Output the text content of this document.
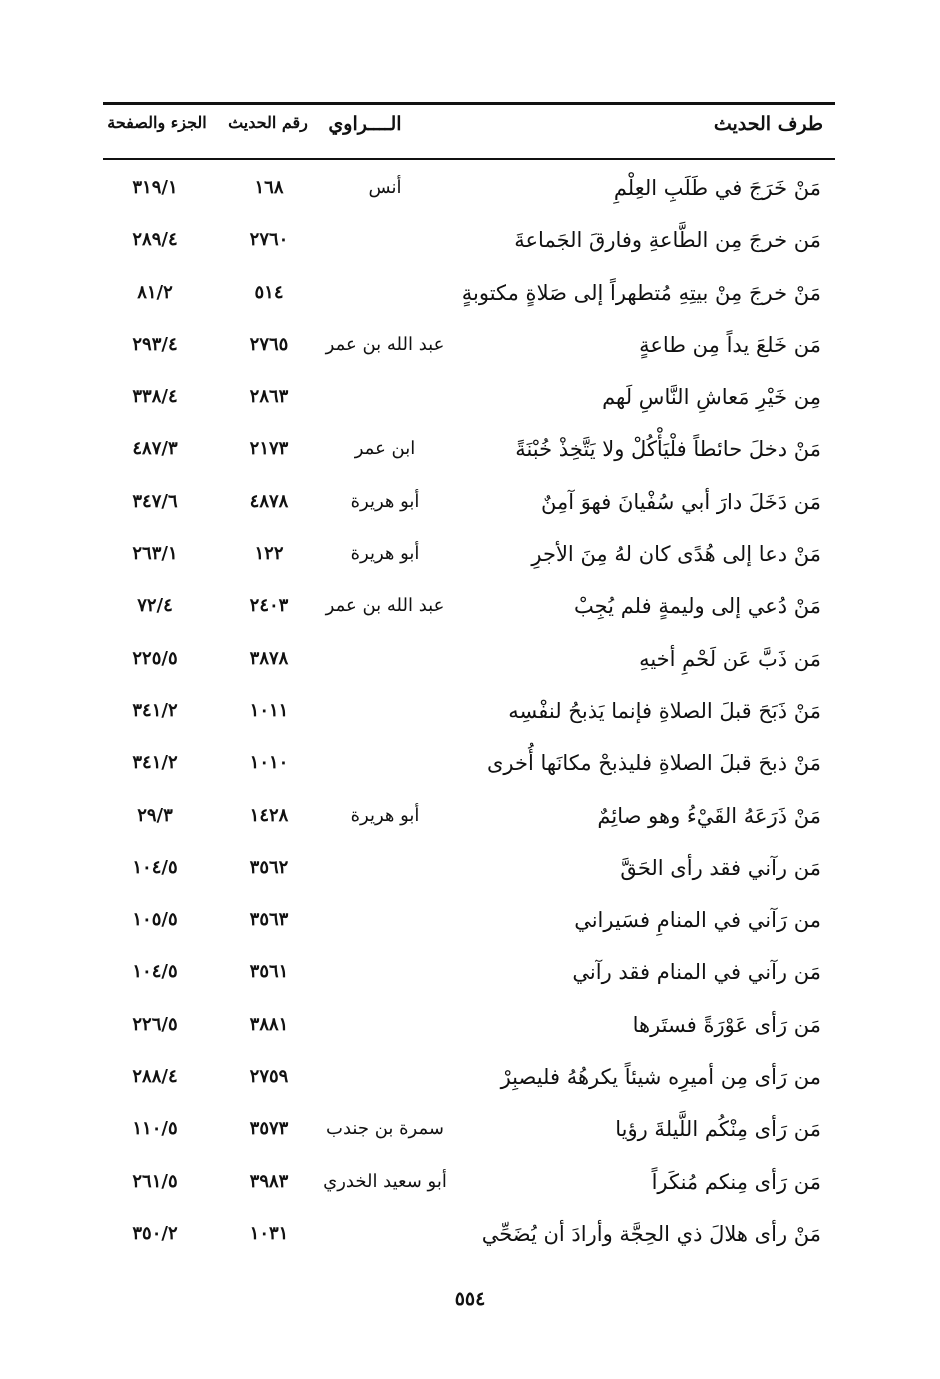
طرف الحديث
الــــراوي
رقم الحديث
الجزء والصفحة
مَنْ خَرَجَ في طَلَبِ العِلْمِ
أنس
١٦٨
٣١٩/١
مَن خرجَ مِن الطَّاعةِ وفارقَ الجَماعةَ
٢٧٦٠
٢٨٩/٤
مَنْ خرجَ مِنْ بيتِهِ مُتطهراً إلى صَلاةٍ مكتوبةٍ
٥١٤
٨١/٢
مَن خَلعَ يداً مِن طاعةٍ
عبد الله بن عمر
٢٧٦٥
٢٩٣/٤
مِن خَيْرِ مَعاشِ النَّاسِ لَهم
٢٨٦٣
٣٣٨/٤
مَنْ دخلَ حائطاً فلْيَأْكُلْ ولا يَتَّخِذْ خُبْنَةً
ابن عمر
٢١٧٣
٤٨٧/٣
مَن دَخَلَ دارَ أبي سُفْيانَ فهوَ آمِنٌ
أبو هريرة
٤٨٧٨
٣٤٧/٦
مَنْ دعا إلى هُدًى كان لهُ مِنَ الأجرِ
أبو هريرة
١٢٢
٢٦٣/١
مَنْ دُعي إلى وليمةٍ فلم يُجِبْ
عبد الله بن عمر
٢٤٠٣
٧٢/٤
مَن ذَبَّ عَن لَحْمِ أخيهِ
٣٨٧٨
٢٢٥/٥
مَنْ ذَبَحَ قبلَ الصلاةِ فإنما يَذبحُ لنفْسِه
١٠١١
٣٤١/٢
مَنْ ذبحَ قبلَ الصلاةِ فليذبحْ مكانَها أُخرى
١٠١٠
٣٤١/٢
مَنْ ذَرَعَهُ القَيْءُ وهو صائِمٌ
أبو هريرة
١٤٢٨
٢٩/٣
مَن رآني فقد رأى الحَقَّ
٣٥٦٢
١٠٤/٥
من رَآني في المنامِ فسَيراني
٣٥٦٣
١٠٥/٥
مَن رآني في المنام فقد رآني
٣٥٦١
١٠٤/٥
مَن رَأى عَوْرَةً فستَرها
٣٨٨١
٢٢٦/٥
من رَأى مِن أميرِه شيئاً يكرهُهُ فليصبِرْ
٢٧٥٩
٢٨٨/٤
مَن رَأى مِنْكُم اللَّيلةَ رؤيا
سمرة بن جندب
٣٥٧٣
١١٠/٥
مَن رَأى مِنكم مُنكَراً
أبو سعيد الخدري
٣٩٨٣
٢٦١/٥
مَنْ رأى هلالَ ذي الحِجَّة وأرادَ أن يُضَحِّي
١٠٣١
٣٥٠/٢
٥٥٤
